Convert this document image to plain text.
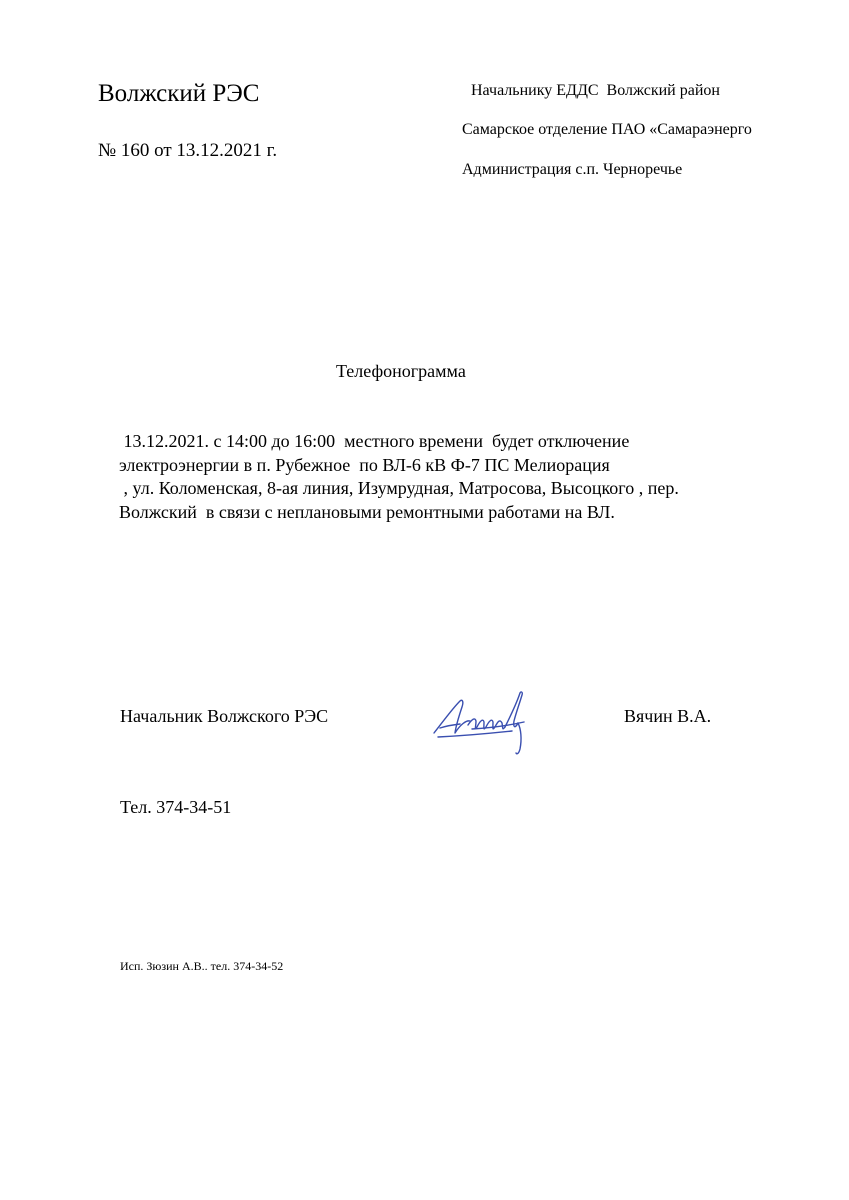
Волжский РЭС
№ 160 от 13.12.2021 г.
Начальнику ЕДДС  Волжский район
Самарское отделение ПАО «Самараэнерго
Администрация с.п. Черноречье
Телефонограмма
13.12.2021. с 14:00 до 16:00  местного времени  будет отключение
электроэнергии в п. Рубежное  по ВЛ-6 кВ Ф-7 ПС Мелиорация
, ул. Коломенская, 8-ая линия, Изумрудная, Матросова, Высоцкого , пер.
Волжский  в связи с неплановыми ремонтными работами на ВЛ.
Начальник Волжского РЭС	Вячин В.А.
Тел. 374-34-51
Исп. Зюзин А.В.. тел. 374-34-52
